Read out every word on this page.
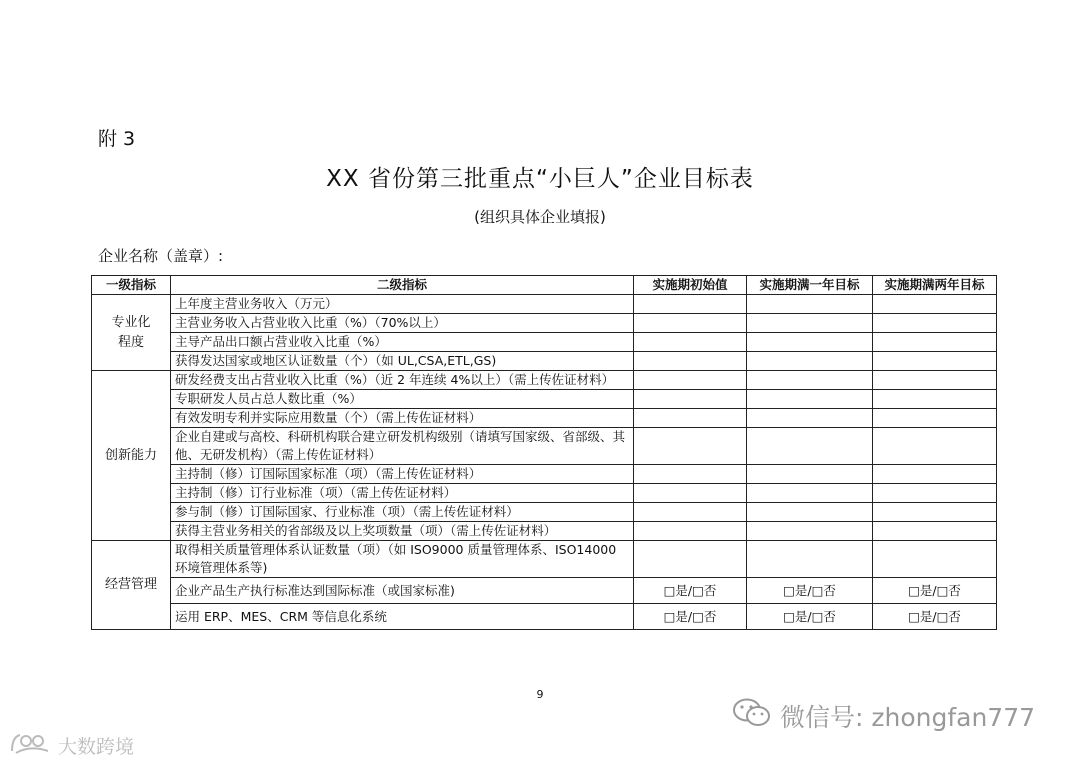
附 3
XX 省份第三批重点“小巨人”企业目标表
(组织具体企业填报)
企业名称（盖章）:
一级指标	二级指标	实施期初始值	实施期满一年目标	实施期满两年目标

专业化
程度	上年度主营业务收入（万元）			
	主营业务收入占营业收入比重（%）（70%以上）			
	主导产品出口额占营业收入比重（%）			
	获得发达国家或地区认证数量（个）（如 UL,CSA,ETL,GS)			

创新能力	研发经费支出占营业收入比重（%）（近 2 年连续 4%以上）（需上传佐证材料）			
	专职研发人员占总人数比重（%）			
	有效发明专利并实际应用数量（个）（需上传佐证材料）			
	企业自建或与高校、科研机构联合建立研发机构级别（请填写国家级、省部级、其他、无研发机构）（需上传佐证材料）			
	主持制（修）订国际国家标准（项）（需上传佐证材料）			
	主持制（修）订行业标准（项）（需上传佐证材料）			
	参与制（修）订国际国家、行业标准（项）（需上传佐证材料）			
	获得主营业务相关的省部级及以上奖项数量（项）（需上传佐证材料）			

经营管理	取得相关质量管理体系认证数量（项）（如 ISO9000 质量管理体系、ISO14000 环境管理体系等)			
	企业产品生产执行标准达到国际标准（或国家标准)	□是/□否	□是/□否	□是/□否
	运用 ERP、MES、CRM 等信息化系统	□是/□否	□是/□否	□是/□否
9
微信号: zhongfan777
大数跨境
